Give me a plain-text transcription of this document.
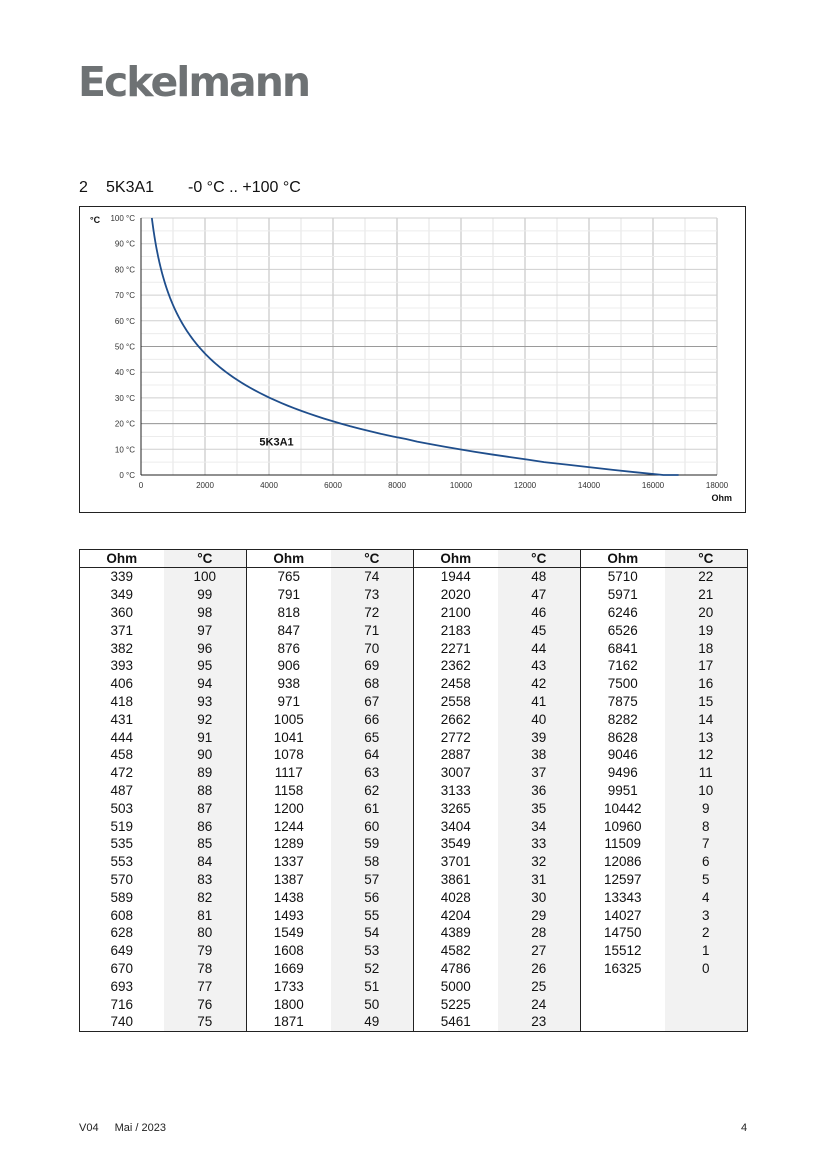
Eckelmann
2 5K3A1 -0 °C .. +100 °C
0 °C
10 °C
20 °C
30 °C
40 °C
50 °C
60 °C
70 °C
80 °C
90 °C
100 °C
0	2000	4000	6000	8000	10000	12000	14000	16000	18000
°C
Ohm
5K3A1
Ohm	°C	Ohm	°C	Ohm	°C	Ohm	°C
339	100	765	74	1944	48	5710	22
349	99	791	73	2020	47	5971	21
360	98	818	72	2100	46	6246	20
371	97	847	71	2183	45	6526	19
382	96	876	70	2271	44	6841	18
393	95	906	69	2362	43	7162	17
406	94	938	68	2458	42	7500	16
418	93	971	67	2558	41	7875	15
431	92	1005	66	2662	40	8282	14
444	91	1041	65	2772	39	8628	13
458	90	1078	64	2887	38	9046	12
472	89	1117	63	3007	37	9496	11
487	88	1158	62	3133	36	9951	10
503	87	1200	61	3265	35	10442	9
519	86	1244	60	3404	34	10960	8
535	85	1289	59	3549	33	11509	7
553	84	1337	58	3701	32	12086	6
570	83	1387	57	3861	31	12597	5
589	82	1438	56	4028	30	13343	4
608	81	1493	55	4204	29	14027	3
628	80	1549	54	4389	28	14750	2
649	79	1608	53	4582	27	15512	1
670	78	1669	52	4786	26	16325	0
693	77	1733	51	5000	25		
716	76	1800	50	5225	24		
740	75	1871	49	5461	23		
V04 Mai / 2023	4
